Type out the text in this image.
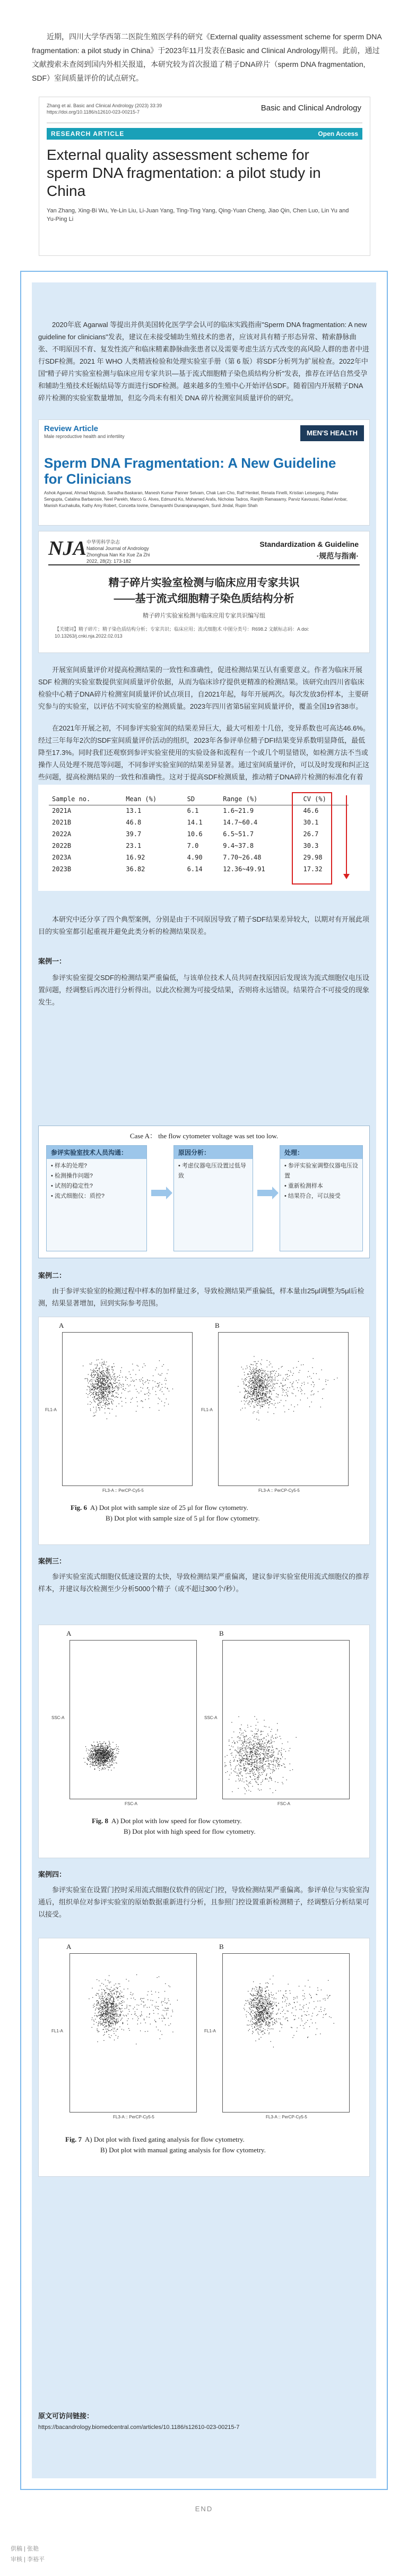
近期，四川大学华西第二医院生殖医学科的研究《External quality assessment scheme for sperm DNA fragmentation: a pilot study in China》于2023年11月发表在Basic and Clinical Andrology期刊。此前，通过文献搜索未查阅到国内外相关报道，本研究较为首次报道了精子DNA碎片（sperm DNA fragmentation, SDF）室间质量评价的试点研究。
Zhang et al. Basic and Clinical Andrology (2023) 33:39
https://doi.org/10.1186/s12610-023-00215-7	Basic and Clinical Andrology
RESEARCH ARTICLE	Open Access
External quality assessment scheme for sperm DNA fragmentation: a pilot study in China
Yan Zhang, Xing-Bi Wu, Ye-Lin Liu, Li-Juan Yang, Ting-Ting Yang, Qing-Yuan Cheng, Jiao Qin, Chen Luo, Lin Yu and Yu-Ping Li
2020年底 Agarwal 等提出并供美国转化医学学会认可的临床实践指南"Sperm DNA fragmentation: A new guideline for clinicians"发表，建议在未接受辅助生殖技术的患者，应该对具有精子形态异常、精索静脉曲张、不明原因不育、复发性流产和临床精素静脉曲张患者以及需要考虑生活方式改变的高风险人群的患者中进行SDF检测。2021 年 WHO 人类精液检验和处理实验室手册（第 6 版）将SDF分析列为扩展检查。2022年中国"精子碎片实验室检测与临床应用专家共识—基于流式细胞精子染色质结构分析"发表，推荐在评估自然受孕和辅助生殖技术妊娠结局等方面进行SDF检测。越来越多的生殖中心开始评估SDF。随着国内开展精子DNA碎片检测的实验室数量增加，但迄今尚未有相关 DNA 碎片检测室间质量评价的研究。
Review Article
Male reproductive health and infertility	MEN'S HEALTH
Sperm DNA Fragmentation: A New Guideline for Clinicians
Ashok Agarwal, Ahmad Majzoub, Saradha Baskaran, Manesh Kumar Panner Selvam, Chak Lam Cho, Ralf Henkel, Renata Finelli, Kristian Leisegang, Pallav Sengupta, Catalina Barbarosie, Neel Parekh, Marco G. Alves, Edmund Ko, Mohamed Arafa, Nicholas Tadros, Ranjith Ramasamy, Parviz Kavoussi, Rafael Ambar, Manish Kuchakulla, Kathy Amy Robert, Concetta Iovine, Damayanthi Durairajanayagam, Sunil Jindal, Rupin Shah
NJA 中华男科学杂志
National Journal of Andrology
Zhonghua Nan Ke Xue Za Zhi
2022, 28(2): 173-182
Standardization & Guideline
·规范与指南·
精子碎片实验室检测与临床应用专家共识
——基于流式细胞精子染色质结构分析
精子碎片实验室检测与临床应用专家共识编写组
【关键词】精子碎片；精子染色质结构分析；专家共识；临床应用；流式细胞术 中图分类号：R698.2 文献标志码：A doi: 10.13263/j.cnki.nja.2022.02.013
开展室间质量评价对提高检测结果的一致性和准确性，促进检测结果互认有重要意义。作者为临床开展 SDF 检测的实验室数提供室间质量评价依据，从而为临床诊疗提供更精准的检测结果。该研究由四川省临床检验中心精子DNA碎片检测室间质量评价试点项目，自2021年起，每年开展两次。每次发放3份样本，主要研究参与的实验室，以评估不同实验室的检测质量。2023年四川省第5届室间质量评价，覆盖全国19省38市。
在2021年开展之初，不同参评实验室间的结果差异巨大，最大可相差十几倍，变异系数也可高达46.6%。经过三年每年2次的SDF室间质量评价活动的组织，2023年各参评单位精子DFI结果变异系数明显降低，最低降至17.3%。同时我们还观察到参评实验室使用的实验设备和流程有一个或几个明显错误，如检测方法不当或操作人员处理不规范等问题，不同参评实验室间的结果差异显著。通过室间质量评价，可以及时发现和纠正这些问题，提高检测结果的一致性和准确性。这对于提高SDF检测质量，推动精子DNA碎片检测的标准化有着
Sample no.	Mean (%)	SD	Range (%)	CV (%)
2021A	13.1	6.1	1.6~21.9	46.6
2021B	46.8	14.1	14.7~60.4	30.1
2022A	39.7	10.6	6.5~51.7	26.7
2022B	23.1	7.0	9.4~37.8	30.3
2023A	16.92	4.90	7.70~26.48	29.98
2023B	36.82	6.14	12.36~49.91	17.32
本研究中还分享了四个典型案例，分别是由于不同原因导致了精子SDF结果差异较大，以期对有开展此项目的实验室都引起重视并避免此类分析的检测结果误差。
案例一：
参评实验室提交SDF的检测结果严重偏低，与该单位技术人员共同查找原因后发现该为流式细胞仪电压设置问题，经调整后再次进行分析得出。以此次检测为可接受结果，否则将永远错误。结果符合不可接受的现象发生。
Case A： the flow cytometer voltage was set too low.
参评实验室技术人员沟通：
• 样本的处理?
• 检测操作问题?
• 试剂的稳定性?
• 流式细胞仪：质控?
原因分析：
• 考虑仪器电压设置过低导致
处理：
• 参评实验室调整仪器电压设置
• 重新检测样本
• 结果符合，可以接受
案例二：
由于参评实验室的检测过程中样本的加样量过多，导致检测结果严重偏低，样本量由25μl调整为5μl后检测，结果显著增加，回到实际参考范围。
A	B
FL3-A :: PerCP-Cy5-5	FL3-A :: PerCP-Cy5-5
FL1-A	FL1-A
Fig. 6 A) Dot plot with sample size of 25 μl for flow cytometry.
B) Dot plot with sample size of 5 μl for flow cytometry.
案例三：
参评实验室流式细胞仪低速设置的太快，导致检测结果严重偏离，建议参评实验室使用流式细胞仪的推荐样本，并建议每次检测至少分析5000个精子（或不超过300个/秒）。
A	B
FSC-A	FSC-A
SSC-A	SSC-A
Fig. 8 A) Dot plot with low speed for flow cytometry.
B) Dot plot with high speed for flow cytometry.
案例四：
参评实验室在设置门控时采用流式细胞仪软件的固定门控，导致检测结果严重偏离。参评单位与实验室沟通后，组织单位对参评实验室的原始数据重新进行分析，且参照门控设置重新检测精子，经调整后分析结果可以接受。
A	B
FL3-A :: PerCP-Cy5-5	FL3-A :: PerCP-Cy5-5
FL1-A	FL1-A
Fig. 7 A) Dot plot with fixed gating analysis for flow cytometry.
B) Dot plot with manual gating analysis for flow cytometry.
原文可访问链接：
https://bacandrology.biomedcentral.com/articles/10.1186/s12610-023-00215-7
END
供稿 | 张艳
审核 | 李裕平
